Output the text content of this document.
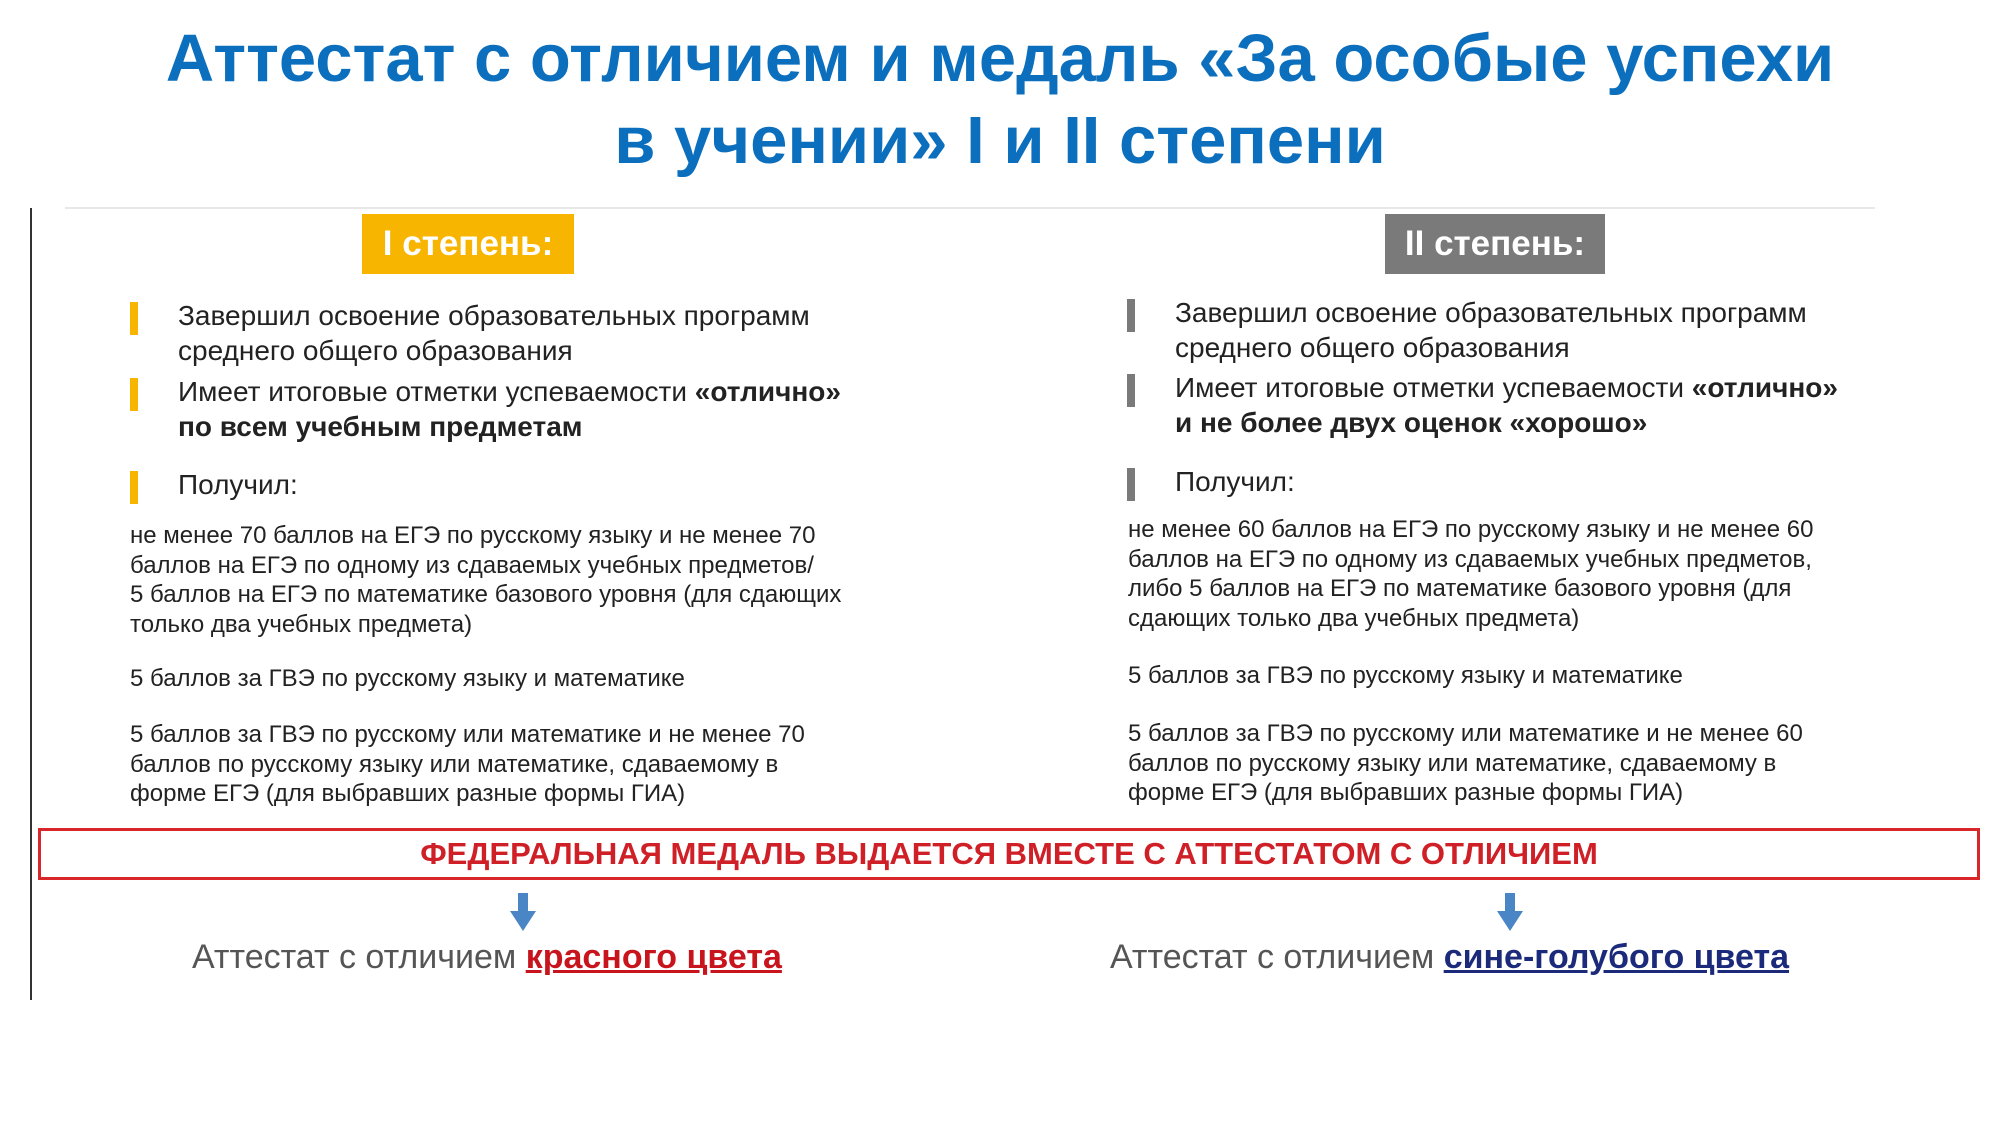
Аттестат с отличием и медаль «За особые успехи
в учении» I и II степени
I степень:
Завершил освоение образовательных программ
среднего общего образования
Имеет итоговые отметки успеваемости «отлично»
по всем учебным предметам
Получил:
не менее 70 баллов на ЕГЭ по русскому языку и не менее 70
баллов на ЕГЭ по одному из сдаваемых учебных предметов/
5 баллов на ЕГЭ по математике базового уровня (для сдающих
только два учебных предмета)
5 баллов за ГВЭ по русскому языку и математике
5 баллов за ГВЭ по русскому или математике и не менее 70
баллов по русскому языку или математике, сдаваемому в
форме ЕГЭ (для выбравших разные формы ГИА)
II степень:
Завершил освоение образовательных программ
среднего общего образования
Имеет итоговые отметки успеваемости «отлично»
и не более двух оценок «хорошо»
Получил:
не менее 60 баллов на ЕГЭ по русскому языку и не менее 60
баллов на ЕГЭ по одному из сдаваемых учебных предметов,
либо 5 баллов на ЕГЭ по математике базового уровня (для
сдающих только два учебных предмета)
5 баллов за ГВЭ по русскому языку и математике
5 баллов за ГВЭ по русскому или математике и не менее 60
баллов по русскому языку или математике, сдаваемому в
форме ЕГЭ (для выбравших разные формы ГИА)
ФЕДЕРАЛЬНАЯ МЕДАЛЬ ВЫДАЕТСЯ ВМЕСТЕ С АТТЕСТАТОМ С ОТЛИЧИЕМ
Аттестат с отличием красного цвета	Аттестат с отличием сине-голубого цвета
